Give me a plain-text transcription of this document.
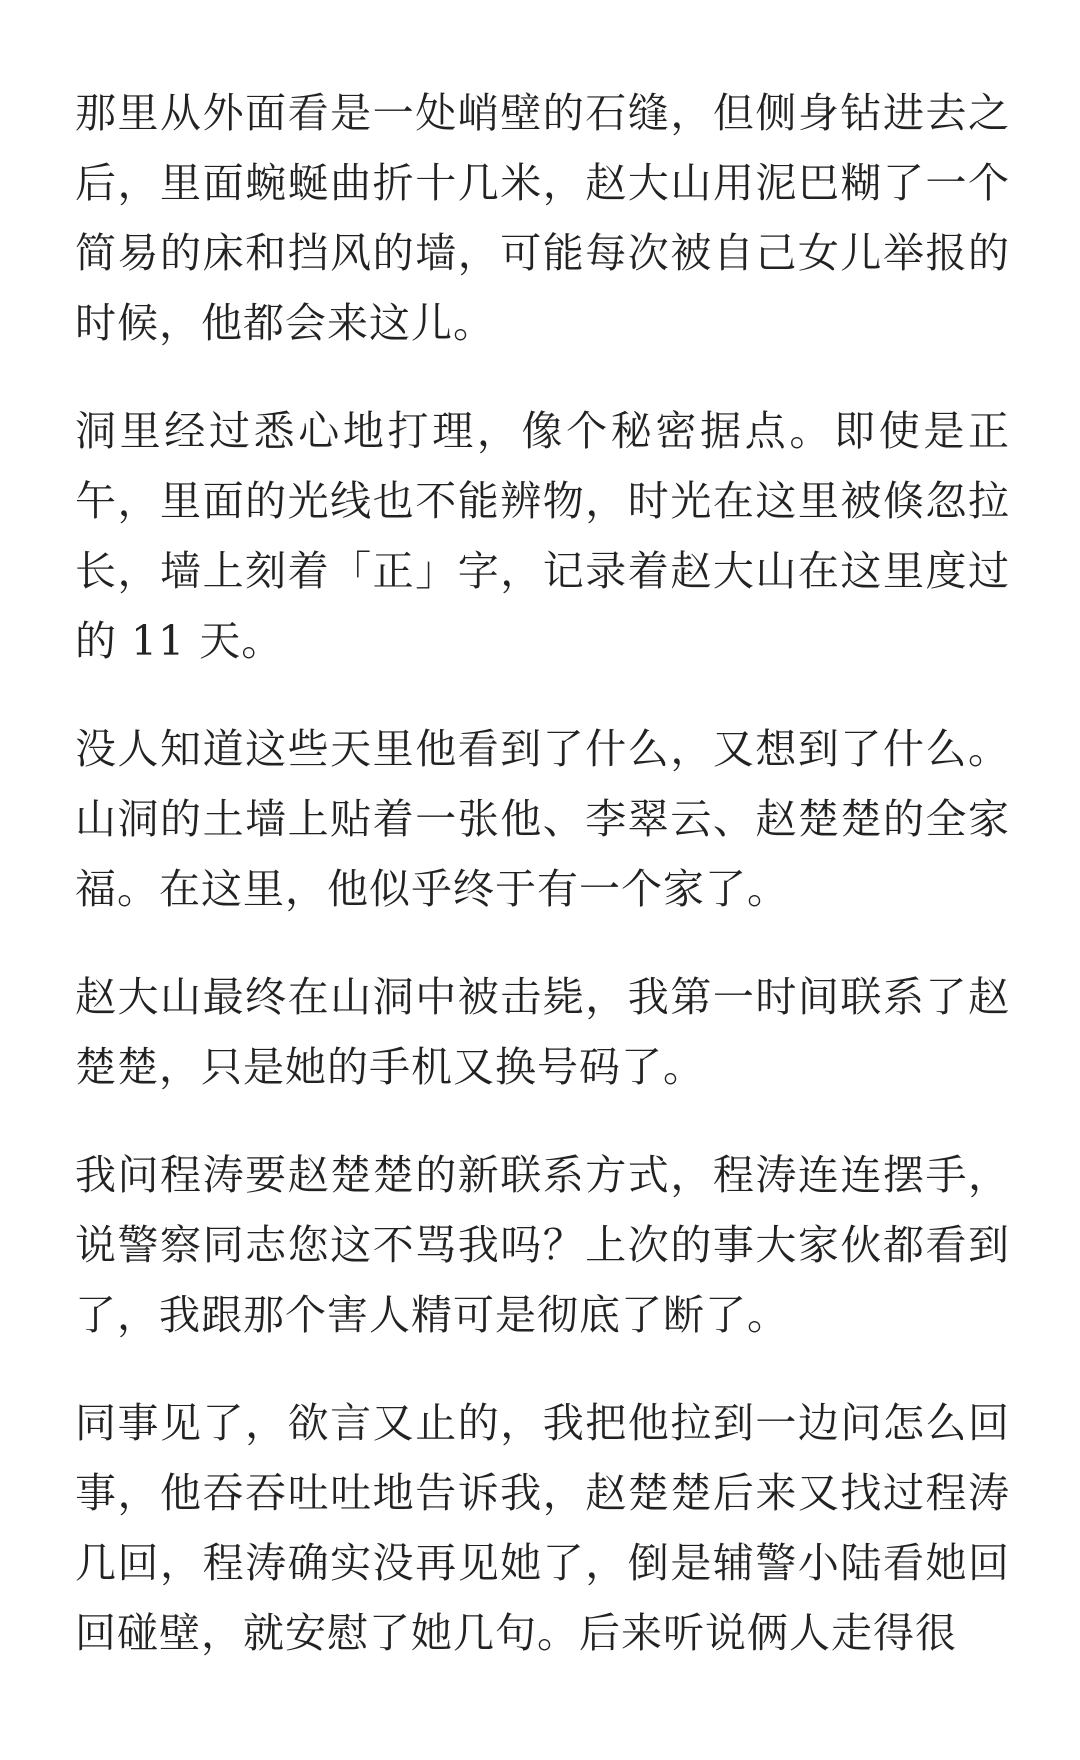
那里从外面看是一处峭壁的石缝，但侧身钻进去之后，里面蜿蜒曲折十几米，赵大山用泥巴糊了一个简易的床和挡风的墙，可能每次被自己女儿举报的时候，他都会来这儿。

洞里经过悉心地打理，像个秘密据点。即使是正午，里面的光线也不能辨物，时光在这里被倏忽拉长，墙上刻着「正」字，记录着赵大山在这里度过的 11 天。

没人知道这些天里他看到了什么，又想到了什么。山洞的土墙上贴着一张他、李翠云、赵楚楚的全家福。在这里，他似乎终于有一个家了。

赵大山最终在山洞中被击毙，我第一时间联系了赵楚楚，只是她的手机又换号码了。

我问程涛要赵楚楚的新联系方式，程涛连连摆手，说警察同志您这不骂我吗？上次的事大家伙都看到了，我跟那个害人精可是彻底了断了。

同事见了，欲言又止的，我把他拉到一边问怎么回事，他吞吞吐吐地告诉我，赵楚楚后来又找过程涛几回，程涛确实没再见她了，倒是辅警小陆看她回回碰壁，就安慰了她几句。后来听说俩人走得很
